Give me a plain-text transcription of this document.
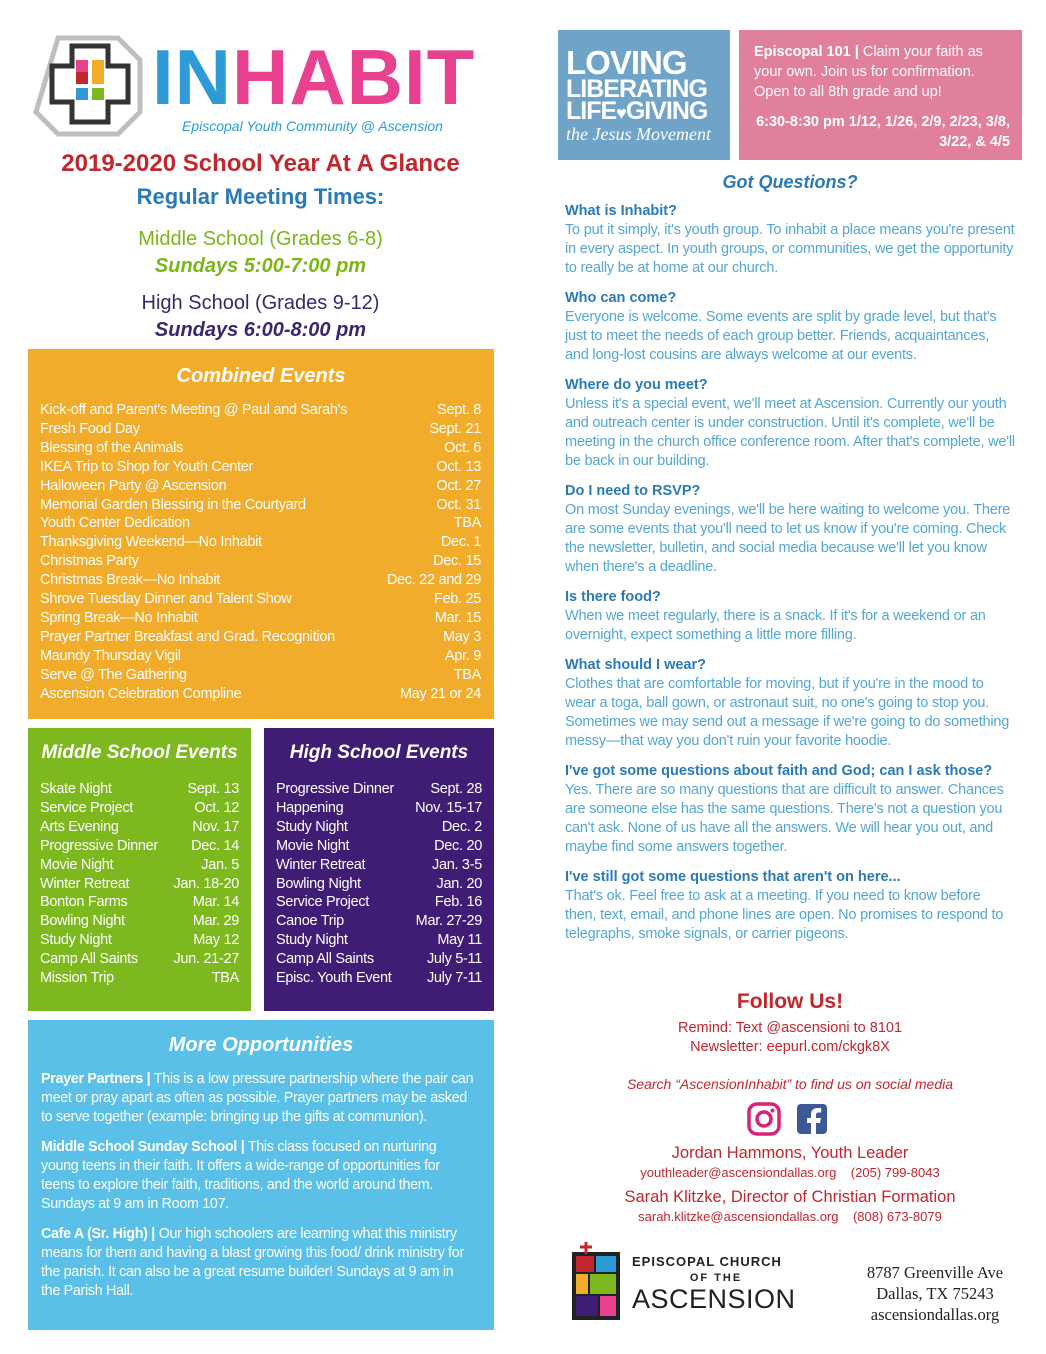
INHABIT
Episcopal Youth Community @ Ascension
2019-2020 School Year At A Glance
Regular Meeting Times:
Middle School (Grades 6-8)
Sundays 5:00-7:00 pm
High School (Grades 9-12)
Sundays 6:00-8:00 pm
Combined Events
Kick-off and Parent's Meeting @ Paul and Sarah's	Sept. 8
Fresh Food Day	Sept. 21
Blessing of the Animals	Oct. 6
IKEA Trip to Shop for Youth Center	Oct. 13
Halloween Party @ Ascension	Oct. 27
Memorial Garden Blessing in the Courtyard	Oct. 31
Youth Center Dedication	TBA
Thanksgiving Weekend—No Inhabit	Dec. 1
Christmas Party	Dec. 15
Christmas Break—No Inhabit	Dec. 22 and 29
Shrove Tuesday Dinner and Talent Show	Feb. 25
Spring Break—No Inhabit	Mar. 15
Prayer Partner Breakfast and Grad. Recognition	May 3
Maundy Thursday Vigil	Apr. 9
Serve @ The Gathering	TBA
Ascension Celebration Compline	May 21 or 24
Middle School Events
Skate Night	Sept. 13
Service Project	Oct. 12
Arts Evening	Nov. 17
Progressive Dinner Dec. 14
Movie Night	Jan. 5
Winter Retreat	Jan. 18-20
Bonton Farms	Mar. 14
Bowling Night	Mar. 29
Study Night	May 12
Camp All Saints Jun. 21-27
Mission Trip	TBA
High School Events
Progressive Dinner	Sept. 28
Happening	Nov. 15-17
Study Night	Dec. 2
Movie Night	Dec. 20
Winter Retreat	Jan. 3-5
Bowling Night	Jan. 20
Service Project	Feb. 16
Canoe Trip	Mar. 27-29
Study Night	May 11
Camp All Saints	July 5-11
Episc. Youth Event July 7-11
More Opportunities

Prayer Partners | This is a low pressure partnership where the pair can meet or pray apart as often as possible. Prayer partners may be asked to serve together (example: bringing up the gifts at communion).

Middle School Sunday School | This class focused on nurturing young teens in their faith. It offers a wide-range of opportunities for teens to explore their faith, traditions, and the world around them. Sundays at 9 am in Room 107.

Cafe A (Sr. High) | Our high schoolers are learning what this ministry means for them and having a blast growing this food/ drink ministry for the parish. It can also be a great resume builder! Sundays at 9 am in the Parish Hall.

LOVING
LIBERATING
LIFE♥GIVING
the Jesus Movement
Episcopal 101 | Claim your faith as your own. Join us for confirmation. Open to all 8th grade and up!
6:30-8:30 pm 1/12, 1/26, 2/9, 2/23, 3/8, 3/22, & 4/5
Got Questions?
What is Inhabit?
To put it simply, it's youth group. To inhabit a place means you're present in every aspect. In youth groups, or communities, we get the opportunity to really be at home at our church.
Who can come?
Everyone is welcome. Some events are split by grade level, but that's just to meet the needs of each group better. Friends, acquaintances, and long-lost cousins are always welcome at our events.
Where do you meet?
Unless it's a special event, we'll meet at Ascension. Currently our youth and outreach center is under construction. Until it's complete, we'll be meeting in the church office conference room. After that's complete, we'll be back in our building.
Do I need to RSVP?
On most Sunday evenings, we'll be here waiting to welcome you. There are some events that you'll need to let us know if you're coming. Check the newsletter, bulletin, and social media because we'll let you know when there's a deadline.
Is there food?
When we meet regularly, there is a snack. If it's for a weekend or an overnight, expect something a little more filling.
What should I wear?
Clothes that are comfortable for moving, but if you're in the mood to wear a toga, ball gown, or astronaut suit, no one's going to stop you. Sometimes we may send out a message if we're going to do something messy—that way you don't ruin your favorite hoodie.
I've got some questions about faith and God; can I ask those?
Yes. There are so many questions that are difficult to answer. Chances are someone else has the same questions. There's not a question you can't ask. None of us have all the answers. We will hear you out, and maybe find some answers together.
I've still got some questions that aren't on here...
That's ok. Feel free to ask at a meeting. If you need to know before then, text, email, and phone lines are open. No promises to respond to telegraphs, smoke signals, or carrier pigeons.
Follow Us!
Remind: Text @ascensioni to 8101
Newsletter: eepurl.com/ckgk8X
Search “AscensionInhabit” to find us on social media
Jordan Hammons, Youth Leader
youthleader@ascensiondallas.org (205) 799-8043
Sarah Klitzke, Director of Christian Formation
sarah.klitzke@ascensiondallas.org (808) 673-8079
EPISCOPAL CHURCH
OF THE
ASCENSION
8787 Greenville Ave
Dallas, TX 75243
ascensiondallas.org
